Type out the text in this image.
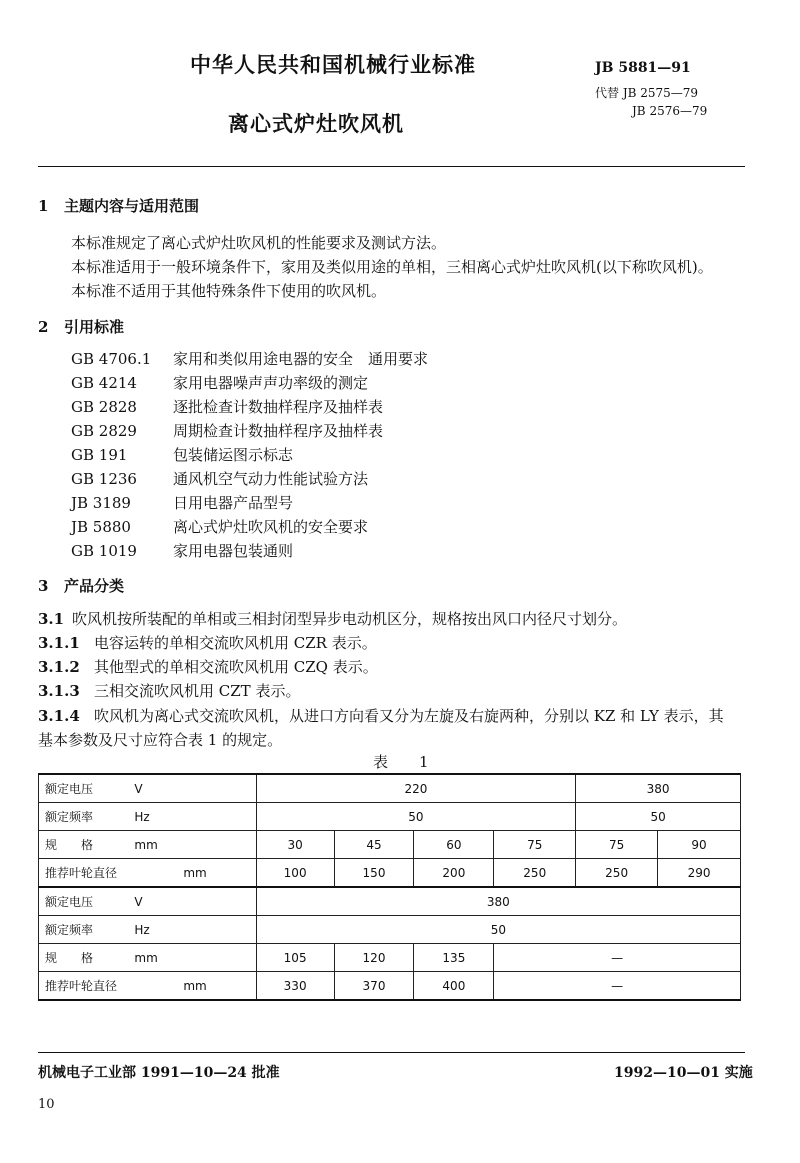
中华人民共和国机械行业标准
离心式炉灶吹风机
JB 5881—91
代替 JB 2575—79
JB 2576—79
1 主题内容与适用范围
本标准规定了离心式炉灶吹风机的性能要求及测试方法。
本标准适用于一般环境条件下，家用及类似用途的单相，三相离心式炉灶吹风机(以下称吹风机)。
本标准不适用于其他特殊条件下使用的吹风机。
2 引用标准
GB 4706.1 家用和类似用途电器的安全　通用要求
GB 4214 家用电器噪声声功率级的测定
GB 2828 逐批检查计数抽样程序及抽样表
GB 2829 周期检查计数抽样程序及抽样表
GB 191	包装储运图示标志
GB 1236 通风机空气动力性能试验方法
JB 3189	日用电器产品型号
JB 5880	离心式炉灶吹风机的安全要求
GB 1019 家用电器包装通则
3 产品分类
3.1 吹风机按所装配的单相或三相封闭型异步电动机区分，规格按出风口内径尺寸划分。
3.1.1 电容运转的单相交流吹风机用 CZR 表示。
3.1.2 其他型式的单相交流吹风机用 CZQ 表示。
3.1.3 三相交流吹风机用 CZT 表示。
3.1.4 吹风机为离心式交流吹风机，从进口方向看又分为左旋及右旋两种，分别以 KZ 和 LY 表示，其
基本参数及尺寸应符合表 1 的规定。
表　1
额定电压	V	220				380	
额定频率	Hz	50				50	
规　　格	mm	30	45	60	75	75	90
推荐叶轮直径	mm	100	150	200	250	250	290
额定电压	V	380					
额定频率	Hz	50					
规　　格	mm	105	120	135	—		
推荐叶轮直径	mm	330	370	400	—		
机械电子工业部 1991—10—24 批准	1992—10—01 实施
10
